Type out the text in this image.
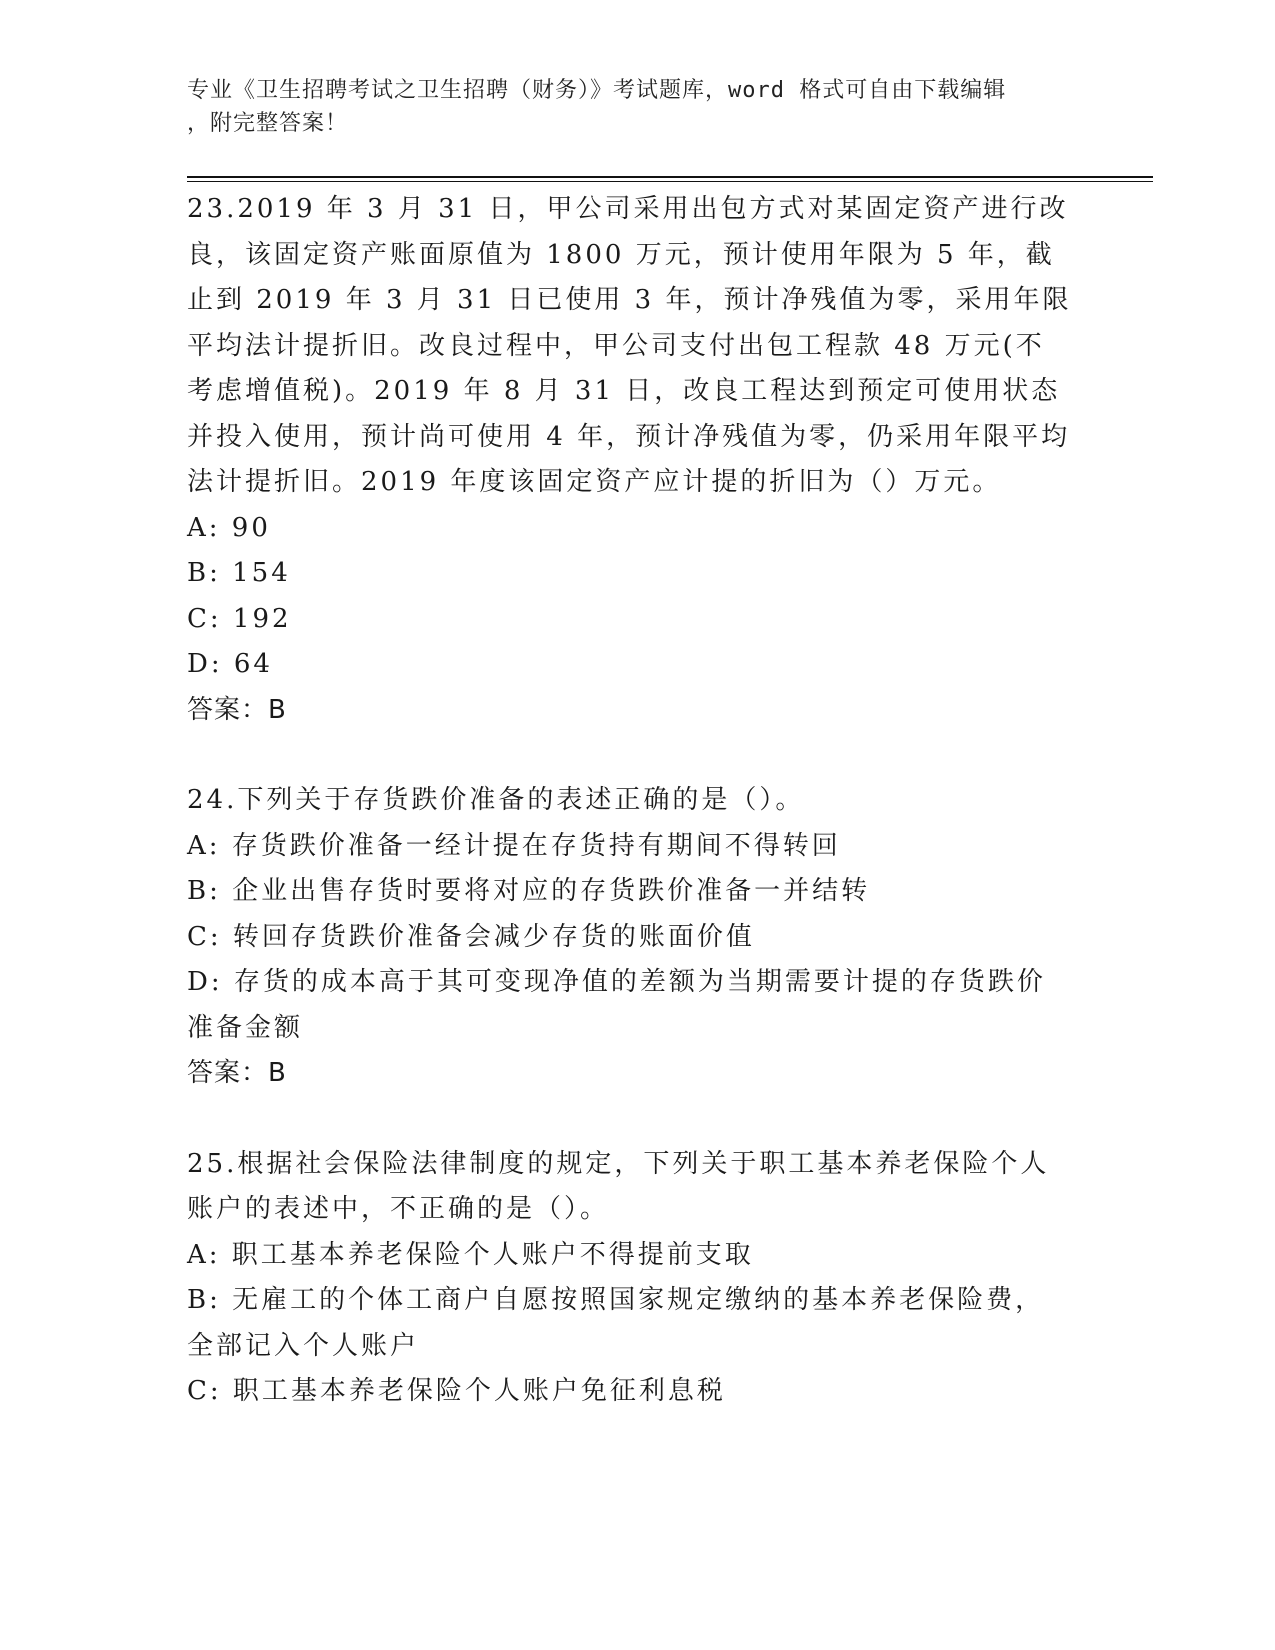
专业《卫生招聘考试之卫生招聘（财务）》考试题库，word 格式可自由下载编辑
，附完整答案！

23.2019 年 3 月 31 日，甲公司采用出包方式对某固定资产进行改良，该固定资产账面原值为 1800 万元，预计使用年限为 5 年，截止到 2019 年 3 月 31 日已使用 3 年，预计净残值为零，采用年限平均法计提折旧。改良过程中，甲公司支付出包工程款 48 万元(不考虑增值税)。2019 年 8 月 31 日，改良工程达到预定可使用状态并投入使用，预计尚可使用 4 年，预计净残值为零，仍采用年限平均法计提折旧。2019 年度该固定资产应计提的折旧为（）万元。

A: 90

B: 154

C: 192

D: 64

答案：B

24.下列关于存货跌价准备的表述正确的是（）。

A: 存货跌价准备一经计提在存货持有期间不得转回

B: 企业出售存货时要将对应的存货跌价准备一并结转

C: 转回存货跌价准备会减少存货的账面价值

D: 存货的成本高于其可变现净值的差额为当期需要计提的存货跌价准备金额

答案：B

25.根据社会保险法律制度的规定，下列关于职工基本养老保险个人账户的表述中，不正确的是（）。

A: 职工基本养老保险个人账户不得提前支取

B: 无雇工的个体工商户自愿按照国家规定缴纳的基本养老保险费，全部记入个人账户

C: 职工基本养老保险个人账户免征利息税
